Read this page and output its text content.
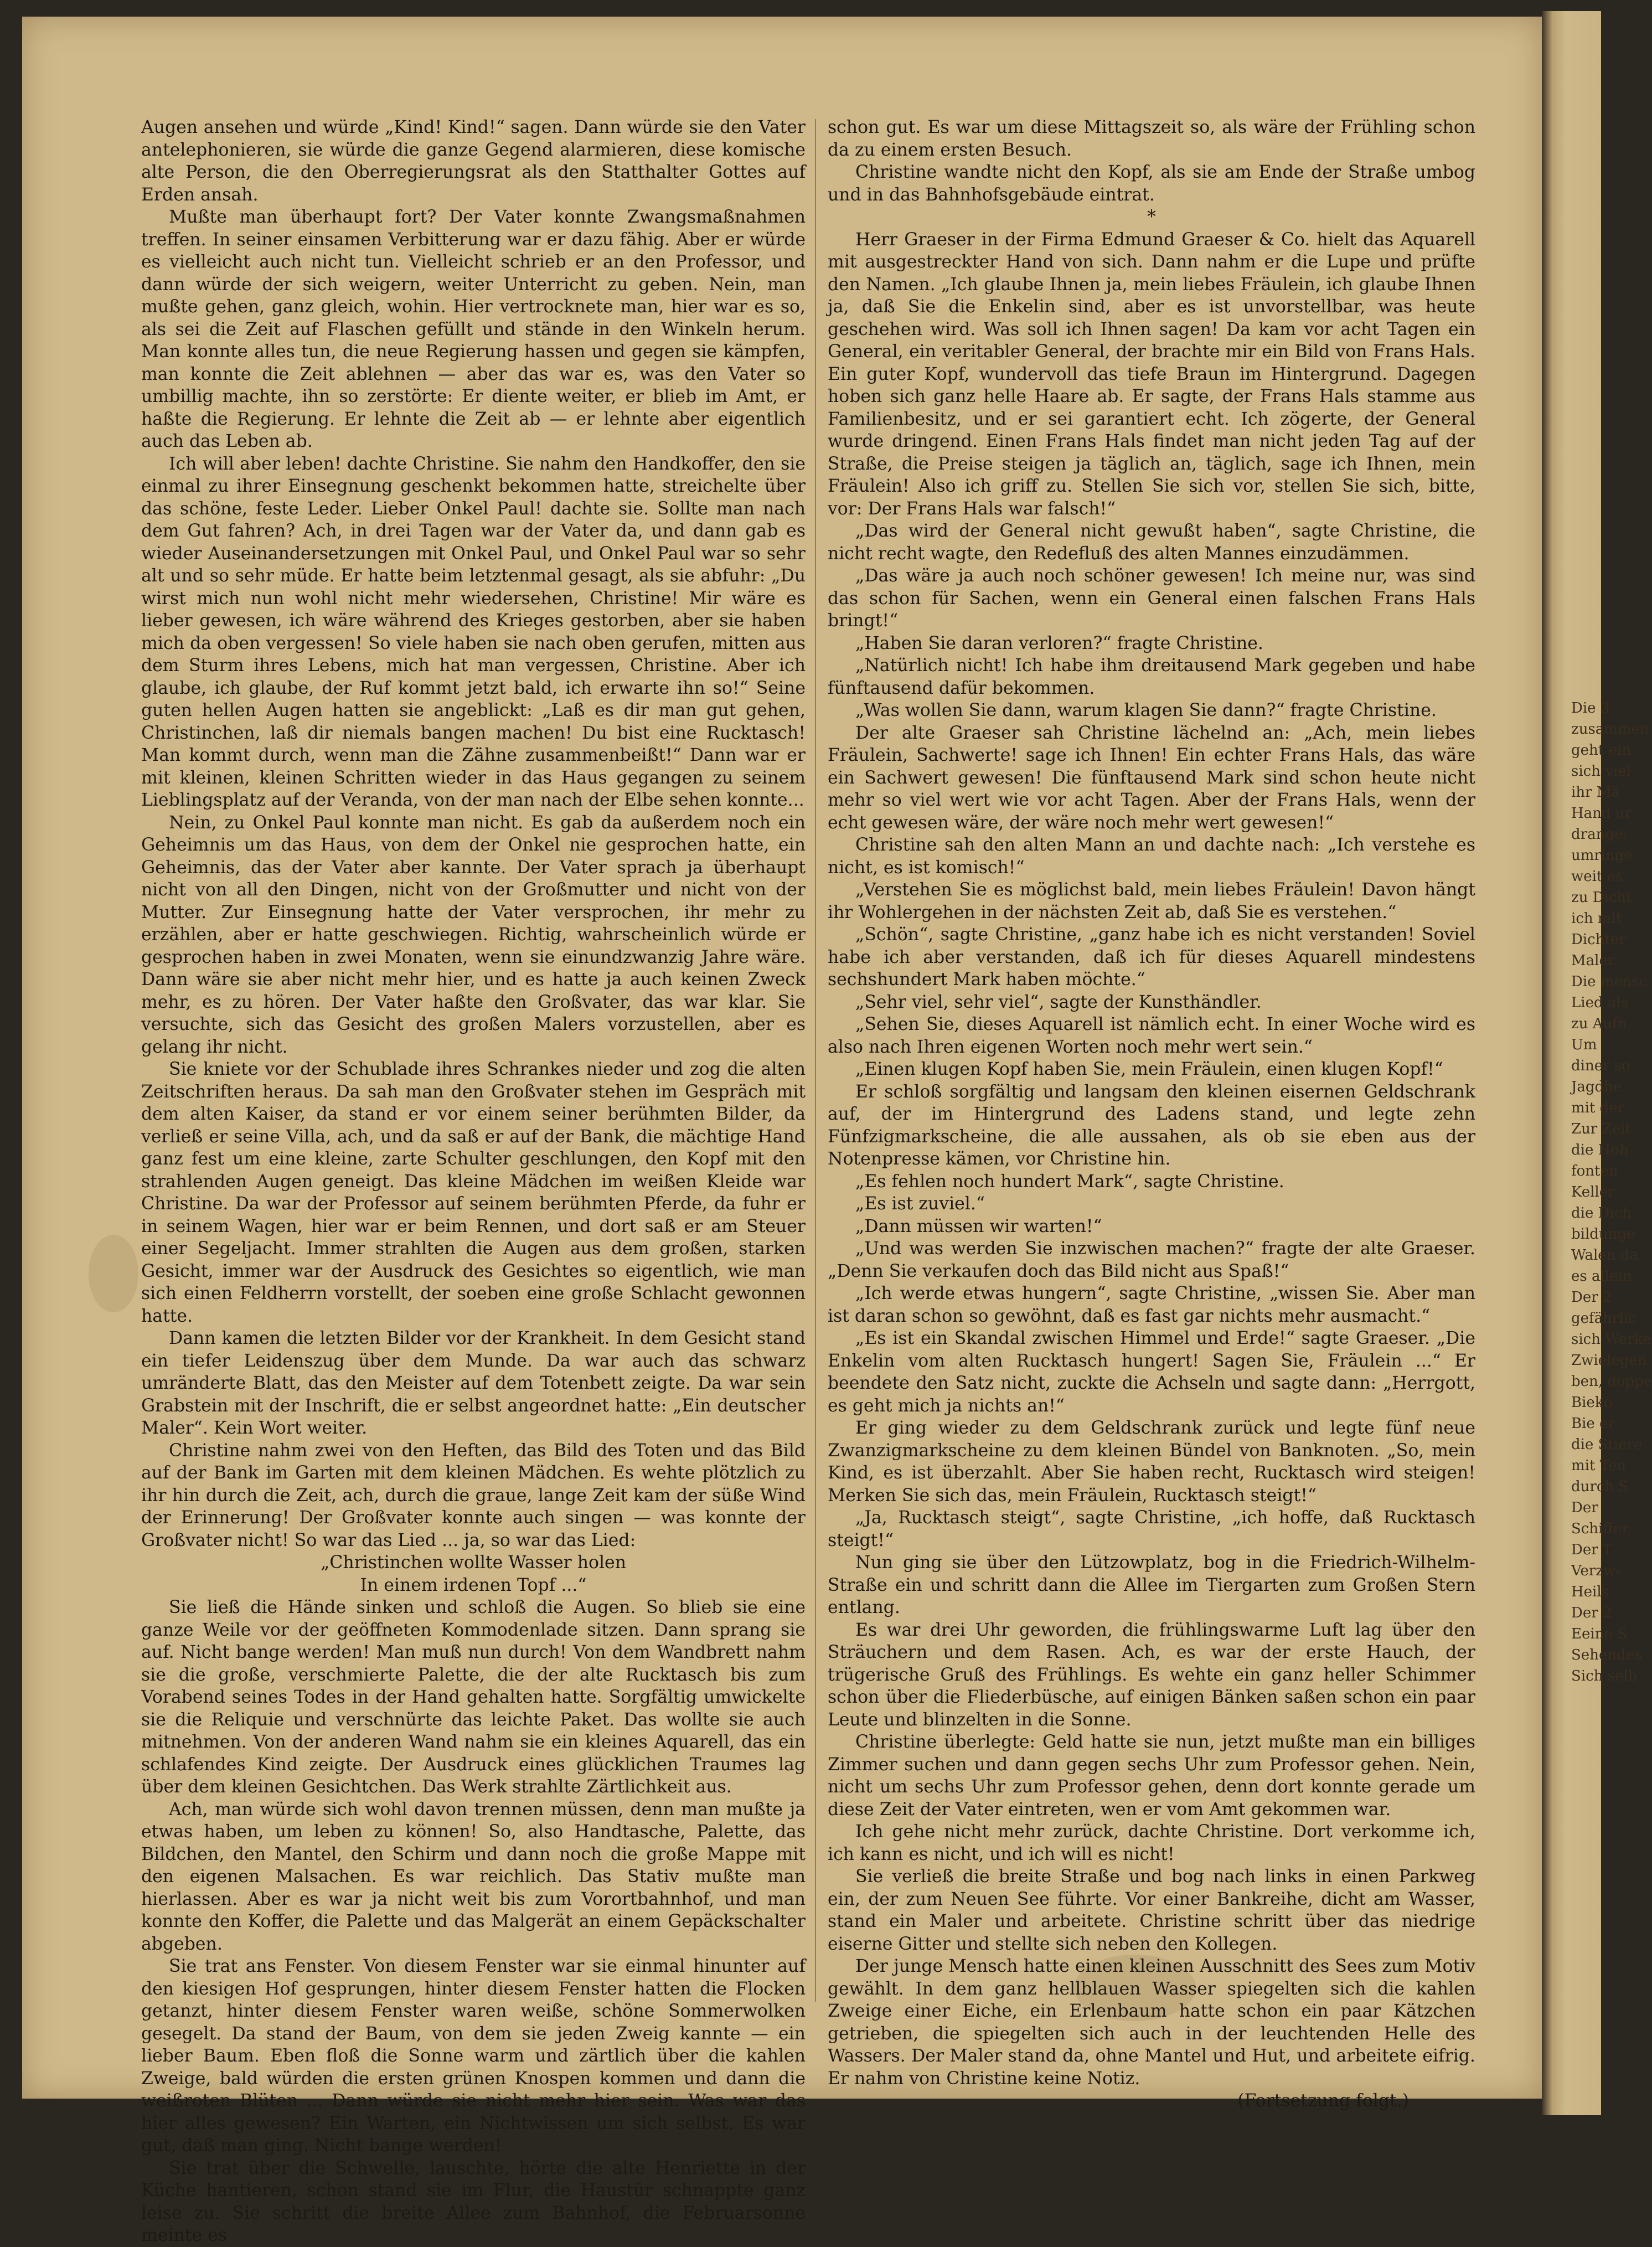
Augen ansehen und würde „Kind! Kind!“ sagen. Dann würde sie den Vater antelephonieren, sie würde die ganze Gegend alarmieren, diese komische alte Person, die den Oberregierungsrat als den Statthalter Gottes auf Erden ansah.

Mußte man überhaupt fort? Der Vater konnte Zwangsmaßnahmen treffen. In seiner einsamen Verbitterung war er dazu fähig. Aber er würde es vielleicht auch nicht tun. Vielleicht schrieb er an den Professor, und dann würde der sich weigern, weiter Unterricht zu geben. Nein, man mußte gehen, ganz gleich, wohin. Hier vertrocknete man, hier war es so, als sei die Zeit auf Flaschen gefüllt und stände in den Winkeln herum. Man konnte alles tun, die neue Regierung hassen und gegen sie kämpfen, man konnte die Zeit ablehnen — aber das war es, was den Vater so umbillig machte, ihn so zerstörte: Er diente weiter, er blieb im Amt, er haßte die Regierung. Er lehnte die Zeit ab — er lehnte aber eigentlich auch das Leben ab.

Ich will aber leben! dachte Christine. Sie nahm den Handkoffer, den sie einmal zu ihrer Einsegnung geschenkt bekommen hatte, streichelte über das schöne, feste Leder. Lieber Onkel Paul! dachte sie. Sollte man nach dem Gut fahren? Ach, in drei Tagen war der Vater da, und dann gab es wieder Auseinandersetzungen mit Onkel Paul, und Onkel Paul war so sehr alt und so sehr müde. Er hatte beim letztenmal gesagt, als sie abfuhr: „Du wirst mich nun wohl nicht mehr wiedersehen, Christine! Mir wäre es lieber gewesen, ich wäre während des Krieges gestorben, aber sie haben mich da oben vergessen! So viele haben sie nach oben gerufen, mitten aus dem Sturm ihres Lebens, mich hat man vergessen, Christine. Aber ich glaube, ich glaube, der Ruf kommt jetzt bald, ich erwarte ihn so!“ Seine guten hellen Augen hatten sie angeblickt: „Laß es dir man gut gehen, Christinchen, laß dir niemals bangen machen! Du bist eine Rucktasch! Man kommt durch, wenn man die Zähne zusammenbeißt!“ Dann war er mit kleinen, kleinen Schritten wieder in das Haus gegangen zu seinem Lieblingsplatz auf der Veranda, von der man nach der Elbe sehen konnte...

Nein, zu Onkel Paul konnte man nicht. Es gab da außerdem noch ein Geheimnis um das Haus, von dem der Onkel nie gesprochen hatte, ein Geheimnis, das der Vater aber kannte. Der Vater sprach ja überhaupt nicht von all den Dingen, nicht von der Großmutter und nicht von der Mutter. Zur Einsegnung hatte der Vater versprochen, ihr mehr zu erzählen, aber er hatte geschwiegen. Richtig, wahrscheinlich würde er gesprochen haben in zwei Monaten, wenn sie einundzwanzig Jahre wäre. Dann wäre sie aber nicht mehr hier, und es hatte ja auch keinen Zweck mehr, es zu hören. Der Vater haßte den Großvater, das war klar. Sie versuchte, sich das Gesicht des großen Malers vorzustellen, aber es gelang ihr nicht.

Sie kniete vor der Schublade ihres Schrankes nieder und zog die alten Zeitschriften heraus. Da sah man den Großvater stehen im Gespräch mit dem alten Kaiser, da stand er vor einem seiner berühmten Bilder, da verließ er seine Villa, ach, und da saß er auf der Bank, die mächtige Hand ganz fest um eine kleine, zarte Schulter geschlungen, den Kopf mit den strahlenden Augen geneigt. Das kleine Mädchen im weißen Kleide war Christine. Da war der Professor auf seinem berühmten Pferde, da fuhr er in seinem Wagen, hier war er beim Rennen, und dort saß er am Steuer einer Segeljacht. Immer strahlten die Augen aus dem großen, starken Gesicht, immer war der Ausdruck des Gesichtes so eigentlich, wie man sich einen Feldherrn vorstellt, der soeben eine große Schlacht gewonnen hatte.

Dann kamen die letzten Bilder vor der Krankheit. In dem Gesicht stand ein tiefer Leidenszug über dem Munde. Da war auch das schwarz umränderte Blatt, das den Meister auf dem Totenbett zeigte. Da war sein Grabstein mit der Inschrift, die er selbst angeordnet hatte: „Ein deutscher Maler“. Kein Wort weiter.

Christine nahm zwei von den Heften, das Bild des Toten und das Bild auf der Bank im Garten mit dem kleinen Mädchen. Es wehte plötzlich zu ihr hin durch die Zeit, ach, durch die graue, lange Zeit kam der süße Wind der Erinnerung! Der Großvater konnte auch singen — was konnte der Großvater nicht! So war das Lied ... ja, so war das Lied:

„Christinchen wollte Wasser holen

In einem irdenen Topf ...“

Sie ließ die Hände sinken und schloß die Augen. So blieb sie eine ganze Weile vor der geöffneten Kommodenlade sitzen. Dann sprang sie auf. Nicht bange werden! Man muß nun durch! Von dem Wandbrett nahm sie die große, verschmierte Palette, die der alte Rucktasch bis zum Vorabend seines Todes in der Hand gehalten hatte. Sorgfältig umwickelte sie die Reliquie und verschnürte das leichte Paket. Das wollte sie auch mitnehmen. Von der anderen Wand nahm sie ein kleines Aquarell, das ein schlafendes Kind zeigte. Der Ausdruck eines glücklichen Traumes lag über dem kleinen Gesichtchen. Das Werk strahlte Zärtlichkeit aus.

Ach, man würde sich wohl davon trennen müssen, denn man mußte ja etwas haben, um leben zu können! So, also Handtasche, Palette, das Bildchen, den Mantel, den Schirm und dann noch die große Mappe mit den eigenen Malsachen. Es war reichlich. Das Stativ mußte man hierlassen. Aber es war ja nicht weit bis zum Vorortbahnhof, und man konnte den Koffer, die Palette und das Malgerät an einem Gepäckschalter abgeben.

Sie trat ans Fenster. Von diesem Fenster war sie einmal hinunter auf den kiesigen Hof gesprungen, hinter diesem Fenster hatten die Flocken getanzt, hinter diesem Fenster waren weiße, schöne Sommerwolken gesegelt. Da stand der Baum, von dem sie jeden Zweig kannte — ein lieber Baum. Eben floß die Sonne warm und zärtlich über die kahlen Zweige, bald würden die ersten grünen Knospen kommen und dann die weißroten Blüten ... Dann würde sie nicht mehr hier sein. Was war das hier alles gewesen? Ein Warten, ein Nichtwissen um sich selbst. Es war gut, daß man ging. Nicht bange werden!

Sie trat über die Schwelle, lauschte, hörte die alte Henriette in der Küche hantieren, schon stand sie im Flur, die Haustür schnappte ganz leise zu. Sie schritt die breite Allee zum Bahnhof, die Februarsonne meinte es

schon gut. Es war um diese Mittagszeit so, als wäre der Frühling schon da zu einem ersten Besuch.

Christine wandte nicht den Kopf, als sie am Ende der Straße umbog und in das Bahnhofsgebäude eintrat.

*

Herr Graeser in der Firma Edmund Graeser & Co. hielt das Aquarell mit ausgestreckter Hand von sich. Dann nahm er die Lupe und prüfte den Namen. „Ich glaube Ihnen ja, mein liebes Fräulein, ich glaube Ihnen ja, daß Sie die Enkelin sind, aber es ist unvorstellbar, was heute geschehen wird. Was soll ich Ihnen sagen! Da kam vor acht Tagen ein General, ein veritabler General, der brachte mir ein Bild von Frans Hals. Ein guter Kopf, wundervoll das tiefe Braun im Hintergrund. Dagegen hoben sich ganz helle Haare ab. Er sagte, der Frans Hals stamme aus Familienbesitz, und er sei garantiert echt. Ich zögerte, der General wurde dringend. Einen Frans Hals findet man nicht jeden Tag auf der Straße, die Preise steigen ja täglich an, täglich, sage ich Ihnen, mein Fräulein! Also ich griff zu. Stellen Sie sich vor, stellen Sie sich, bitte, vor: Der Frans Hals war falsch!“

„Das wird der General nicht gewußt haben“, sagte Christine, die nicht recht wagte, den Redefluß des alten Mannes einzudämmen.

„Das wäre ja auch noch schöner gewesen! Ich meine nur, was sind das schon für Sachen, wenn ein General einen falschen Frans Hals bringt!“

„Haben Sie daran verloren?“ fragte Christine.

„Natürlich nicht! Ich habe ihm dreitausend Mark gegeben und habe fünftausend dafür bekommen.

„Was wollen Sie dann, warum klagen Sie dann?“ fragte Christine.

Der alte Graeser sah Christine lächelnd an: „Ach, mein liebes Fräulein, Sachwerte! sage ich Ihnen! Ein echter Frans Hals, das wäre ein Sachwert gewesen! Die fünftausend Mark sind schon heute nicht mehr so viel wert wie vor acht Tagen. Aber der Frans Hals, wenn der echt gewesen wäre, der wäre noch mehr wert gewesen!“

Christine sah den alten Mann an und dachte nach: „Ich verstehe es nicht, es ist komisch!“

„Verstehen Sie es möglichst bald, mein liebes Fräulein! Davon hängt ihr Wohlergehen in der nächsten Zeit ab, daß Sie es verstehen.“

„Schön“, sagte Christine, „ganz habe ich es nicht verstanden! Soviel habe ich aber verstanden, daß ich für dieses Aquarell mindestens sechshundert Mark haben möchte.“

„Sehr viel, sehr viel“, sagte der Kunsthändler.

„Sehen Sie, dieses Aquarell ist nämlich echt. In einer Woche wird es also nach Ihren eigenen Worten noch mehr wert sein.“

„Einen klugen Kopf haben Sie, mein Fräulein, einen klugen Kopf!“

Er schloß sorgfältig und langsam den kleinen eisernen Geldschrank auf, der im Hintergrund des Ladens stand, und legte zehn Fünfzigmarkscheine, die alle aussahen, als ob sie eben aus der Notenpresse kämen, vor Christine hin.

„Es fehlen noch hundert Mark“, sagte Christine.

„Es ist zuviel.“

„Dann müssen wir warten!“

„Und was werden Sie inzwischen machen?“ fragte der alte Graeser. „Denn Sie verkaufen doch das Bild nicht aus Spaß!“

„Ich werde etwas hungern“, sagte Christine, „wissen Sie. Aber man ist daran schon so gewöhnt, daß es fast gar nichts mehr ausmacht.“

„Es ist ein Skandal zwischen Himmel und Erde!“ sagte Graeser. „Die Enkelin vom alten Rucktasch hungert! Sagen Sie, Fräulein ...“ Er beendete den Satz nicht, zuckte die Achseln und sagte dann: „Herrgott, es geht mich ja nichts an!“

Er ging wieder zu dem Geldschrank zurück und legte fünf neue Zwanzigmarkscheine zu dem kleinen Bündel von Banknoten. „So, mein Kind, es ist überzahlt. Aber Sie haben recht, Rucktasch wird steigen! Merken Sie sich das, mein Fräulein, Rucktasch steigt!“

„Ja, Rucktasch steigt“, sagte Christine, „ich hoffe, daß Rucktasch steigt!“

Nun ging sie über den Lützowplatz, bog in die Friedrich-Wilhelm-Straße ein und schritt dann die Allee im Tiergarten zum Großen Stern entlang.

Es war drei Uhr geworden, die frühlingswarme Luft lag über den Sträuchern und dem Rasen. Ach, es war der erste Hauch, der trügerische Gruß des Frühlings. Es wehte ein ganz heller Schimmer schon über die Fliederbüsche, auf einigen Bänken saßen schon ein paar Leute und blinzelten in die Sonne.

Christine überlegte: Geld hatte sie nun, jetzt mußte man ein billiges Zimmer suchen und dann gegen sechs Uhr zum Professor gehen. Nein, nicht um sechs Uhr zum Professor gehen, denn dort konnte gerade um diese Zeit der Vater eintreten, wen er vom Amt gekommen war.

Ich gehe nicht mehr zurück, dachte Christine. Dort verkomme ich, ich kann es nicht, und ich will es nicht!

Sie verließ die breite Straße und bog nach links in einen Parkweg ein, der zum Neuen See führte. Vor einer Bankreihe, dicht am Wasser, stand ein Maler und arbeitete. Christine schritt über das niedrige eiserne Gitter und stellte sich neben den Kollegen.

Der junge Mensch hatte einen kleinen Ausschnitt des Sees zum Motiv gewählt. In dem ganz hellblauen Wasser spiegelten sich die kahlen Zweige einer Eiche, ein Erlenbaum hatte schon ein paar Kätzchen getrieben, die spiegelten sich auch in der leuchtenden Helle des Wassers. Der Maler stand da, ohne Mantel und Hut, und arbeitete eifrig. Er nahm von Christine keine Notiz.

(Fortsetzung folgt.)

Die 3
zusammen
geht ein
sich viel
ihr Mä
Hand ur
drange;
umringe
weit es
zu Dicht
ich mit
Dichter
Maler.
Die mensc
Lied als
zu Aufn
Um
diner so
Jagdhe
mit der
Zur Zeit
die Hoh
fonten
Keller
die Dich
bildunge
Walen da
es allein
Der 2
gefährlic
sich Werke
Zwielegen
ben, doppe
Bieko
Bie er
die Stiere
mit Ten
durch S
Der
Schiffer
Der T
Verzw-
Heils
Der 2
Eeine S
Sehendes
Sich selb
